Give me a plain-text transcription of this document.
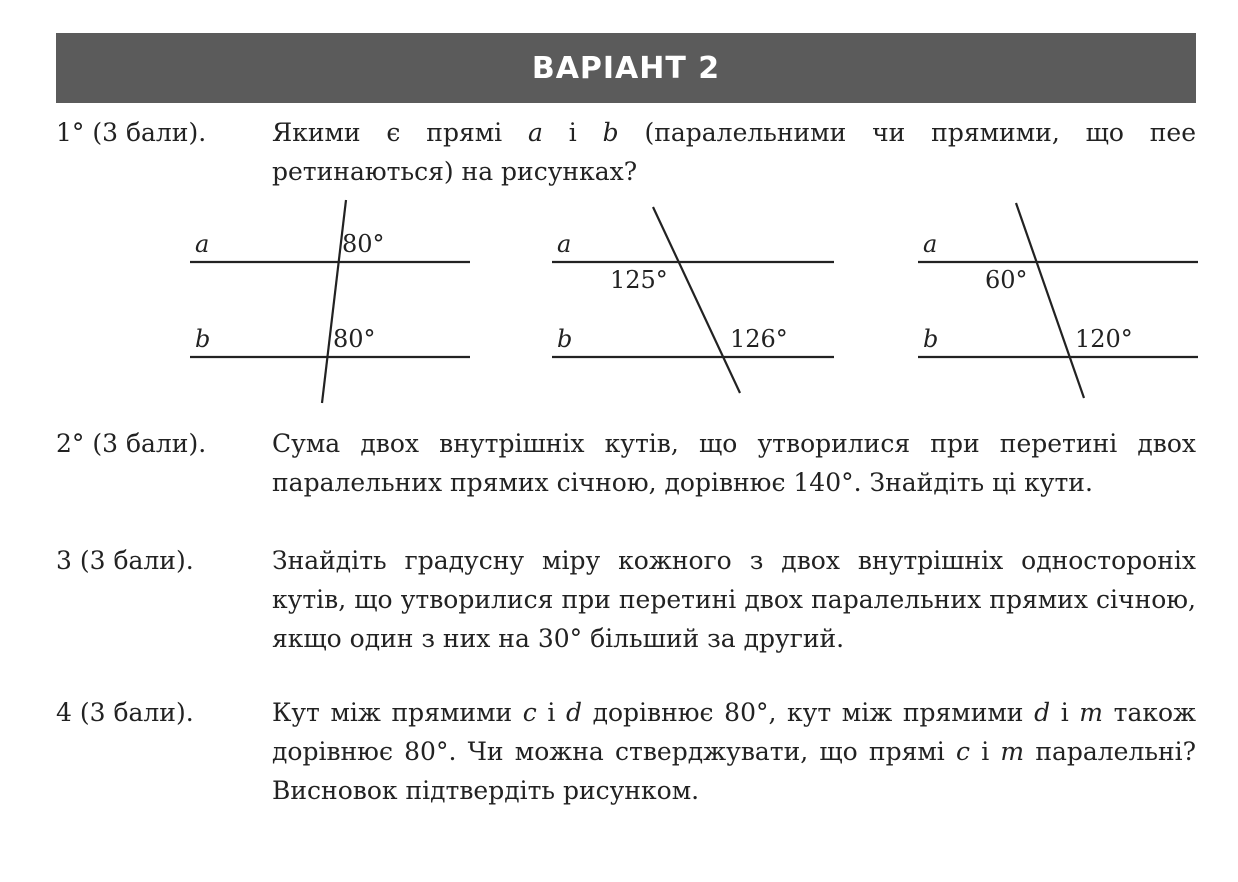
ВАРІАНТ 2
1° (3 бали).	Якими є прямі a і b (паралельними чи прямими, що пее ретинаються) на рисунках?
a
b
80°
80°
a
b
125°
126°
a
b
60°
120°
2° (3 бали).	Сума двох внутрішніх кутів, що утворилися при перетині двох паралельних прямих січною, дорівнює 140°. Знайдіть ці кути.
3 (3 бали).	Знайдіть градусну міру кожного з двох внутрішніх одностороніх кутів, що утворилися при перетині двох паралельних прямих січною, якщо один з них на 30° більший за другий.
4 (3 бали).	Кут між прямими c і d дорівнює 80°, кут між прямими d і m також дорівнює 80°. Чи можна стверджувати, що прямі c і m паралельні? Висновок підтвердіть рисунком.
